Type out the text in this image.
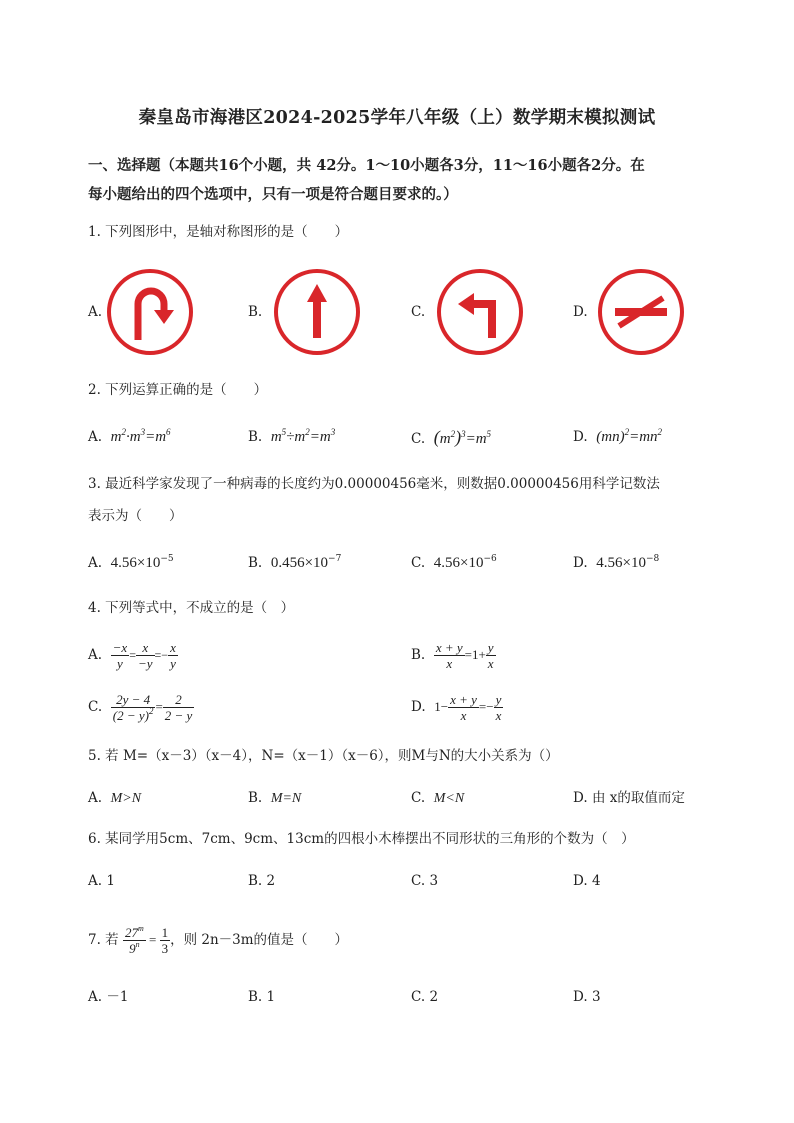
秦皇岛市海港区2024-2025学年八年级（上）数学期末模拟测试
一、选择题（本题共16个小题，共 42分。1～10小题各3分，11～16小题各2分。在
每小题给出的四个选项中，只有一项是符合题目要求的。）
1. 下列图形中，是轴对称图形的是（　　）
A.	B.	C.	D.
2. 下列运算正确的是（　　）
A. $m^2\cdot m^3=m^6$	B. $m^5\div m^2=m^3$	C. $(m^2)^3=m^5$	D. $(mn)^2=mn^2$
3. 最近科学家发现了一种病毒的长度约为0.00000456毫米，则数据0.00000456用科学记数法
表示为（　　）
A. $4.56\times 10^{-5}$	B. $0.456\times 10^{-7}$	C. $4.56\times 10^{-6}$	D. $4.56\times 10^{-8}$
4. 下列等式中，不成立的是（　）
A. $\frac{-x}{y} = \frac{x}{-y} =- \frac{x}{y}$	B. $\frac{x + y}{x} =1+ \frac{y}{x}$
C. $\frac{2y - 4}{(2 - y)^2} = \frac{2}{2 - y}$	D. $1- \frac{x + y}{x} =- \frac{y}{x}$
5. 若 M=（x－3）（x－4），N=（x－1）（x－6），则M与N的大小关系为（）
A. M>N	B. M=N	C. M<N	D. 由 x的取值而定
6. 某同学用5cm、7cm、9cm、13cm的四根小木棒摆出不同形状的三角形的个数为（　）
A. 1	B. 2	C. 3	D. 4
7. 若 $\frac{27^m}{9^n} = \frac{1}{3}$ ，则 2n－3m的值是（　　）
A. －1	B. 1	C. 2	D. 3
